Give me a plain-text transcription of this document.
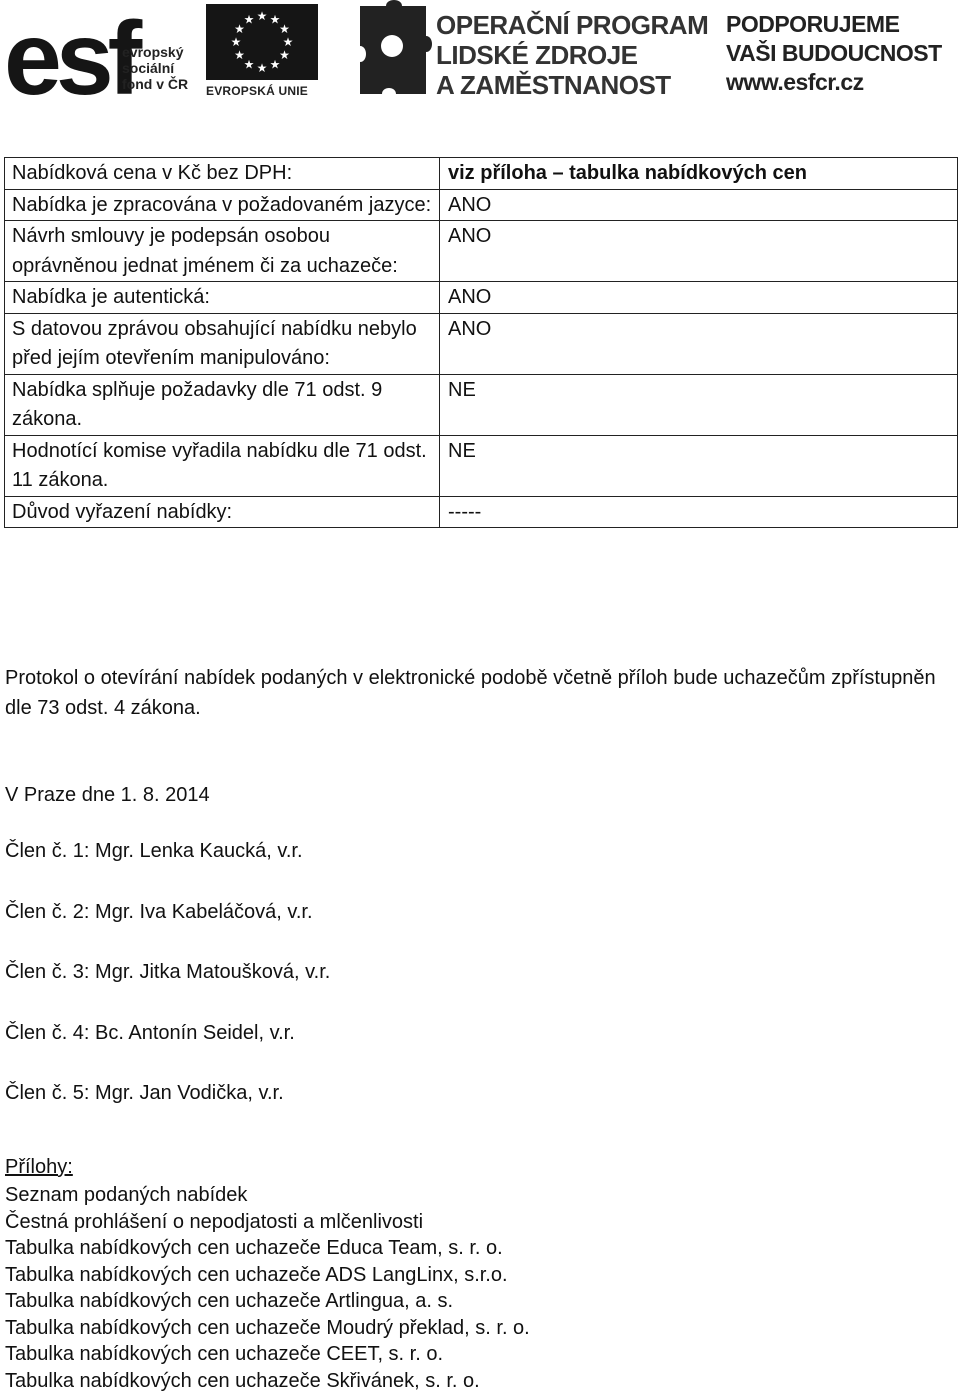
esf
evropský
sociální
fond v ČR
★ ★
★
★
★
★
★
★
★
★
★
★
EVROPSKÁ UNIE
OPERAČNÍ PROGRAM
LIDSKÉ ZDROJE
A ZAMĚSTNANOST
PODPORUJEME
VAŠI BUDOUCNOST
www.esfcr.cz
Nabídková cena v Kč bez DPH:	viz příloha – tabulka nabídkových cen
Nabídka je zpracována v požadovaném jazyce:	ANO
Návrh smlouvy je podepsán osobou oprávněnou jednat jménem či za uchazeče:	ANO
Nabídka je autentická:	ANO
S datovou zprávou obsahující nabídku nebylo před jejím otevřením manipulováno:	ANO
Nabídka splňuje požadavky dle 71 odst. 9 zákona.	NE
Hodnotící komise vyřadila nabídku dle 71 odst. 11 zákona.	NE
Důvod vyřazení nabídky:	-----
Protokol o otevírání nabídek podaných v elektronické podobě včetně příloh bude uchazečům zpřístupněn dle 73 odst. 4 zákona.
V Praze dne 1. 8. 2014
Člen č. 1: Mgr. Lenka Kaucká, v.r.
Člen č. 2: Mgr. Iva Kabeláčová, v.r.
Člen č. 3: Mgr. Jitka Matoušková, v.r.
Člen č. 4: Bc. Antonín Seidel, v.r.
Člen č. 5: Mgr. Jan Vodička, v.r.
Přílohy:
Seznam podaných nabídek
Čestná prohlášení o nepodjatosti a mlčenlivosti
Tabulka nabídkových cen uchazeče Educa Team, s. r. o.
Tabulka nabídkových cen uchazeče ADS LangLinx, s.r.o.
Tabulka nabídkových cen uchazeče Artlingua, a. s.
Tabulka nabídkových cen uchazeče Moudrý překlad, s. r. o.
Tabulka nabídkových cen uchazeče CEET, s. r. o.
Tabulka nabídkových cen uchazeče Skřivánek, s. r. o.
